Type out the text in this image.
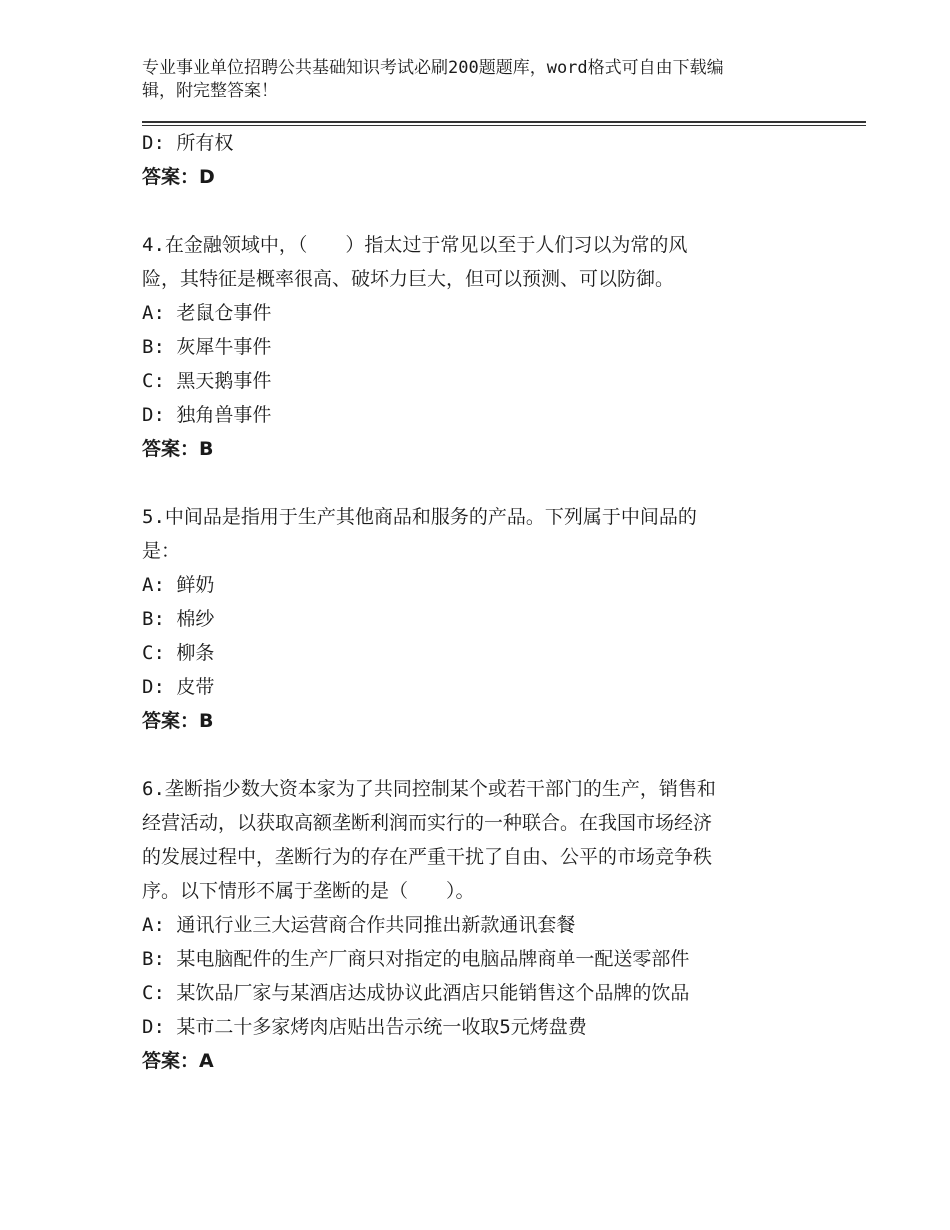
专业事业单位招聘公共基础知识考试必刷200题题库，word格式可自由下载编
辑，附完整答案！
D: 所有权
答案：D
4.在金融领域中，（　　）指太过于常见以至于人们习以为常的风
险，其特征是概率很高、破坏力巨大，但可以预测、可以防御。
A: 老鼠仓事件
B: 灰犀牛事件
C: 黑天鹅事件
D: 独角兽事件
答案：B
5.中间品是指用于生产其他商品和服务的产品。下列属于中间品的
是：
A: 鲜奶
B: 棉纱
C: 柳条
D: 皮带
答案：B
6.垄断指少数大资本家为了共同控制某个或若干部门的生产，销售和
经营活动，以获取高额垄断利润而实行的一种联合。在我国市场经济
的发展过程中，垄断行为的存在严重干扰了自由、公平的市场竞争秩
序。以下情形不属于垄断的是（　　）。
A: 通讯行业三大运营商合作共同推出新款通讯套餐
B: 某电脑配件的生产厂商只对指定的电脑品牌商单一配送零部件
C: 某饮品厂家与某酒店达成协议此酒店只能销售这个品牌的饮品
D: 某市二十多家烤肉店贴出告示统一收取5元烤盘费
答案：A
